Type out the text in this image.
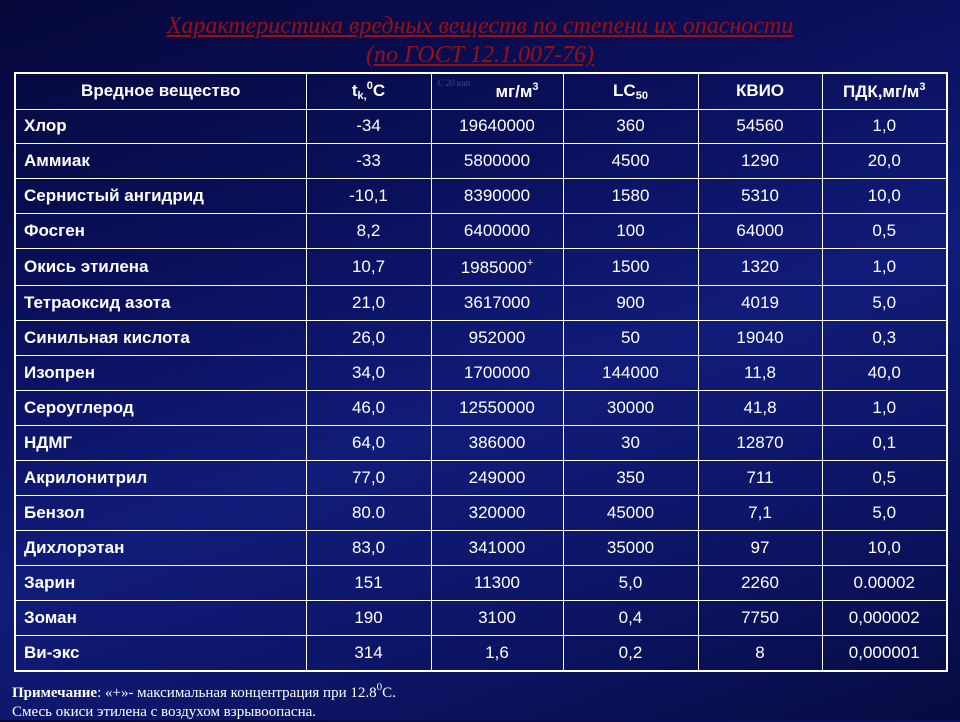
Характеристика вредных веществ по степени их опасности
(по ГОСТ 12.1.007-76)
Вредное вещество	$t_{k,}^0C$	C 20 кип $мг/м^3$	$LC_{50}$	КВИО	$ПДК,мг/м^3$
Хлор	-34	19640000	360	54560	1,0
Аммиак	-33	5800000	4500	1290	20,0
Сернистый ангидрид	-10,1	8390000	1580	5310	10,0
Фосген	8,2	6400000	100	64000	0,5
Окись этилена	10,7	1985000+	1500	1320	1,0
Тетраоксид азота	21,0	3617000	900	4019	5,0
Синильная кислота	26,0	952000	50	19040	0,3
Изопрен	34,0	1700000	144000	11,8	40,0
Сероуглерод	46,0	12550000	30000	41,8	1,0
НДМГ	64,0	386000	30	12870	0,1
Акрилонитрил	77,0	249000	350	711	0,5
Бензол	80.0	320000	45000	7,1	5,0
Дихлорэтан	83,0	341000	35000	97	10,0
Зарин	151	11300	5,0	2260	0.00002
Зоман	190	3100	0,4	7750	0,000002
Ви-экс	314	1,6	0,2	8	0,000001
Примечание: «+»- максимальная концентрация при 12.8$^0$С.
Смесь окиси этилена с воздухом взрывоопасна.
